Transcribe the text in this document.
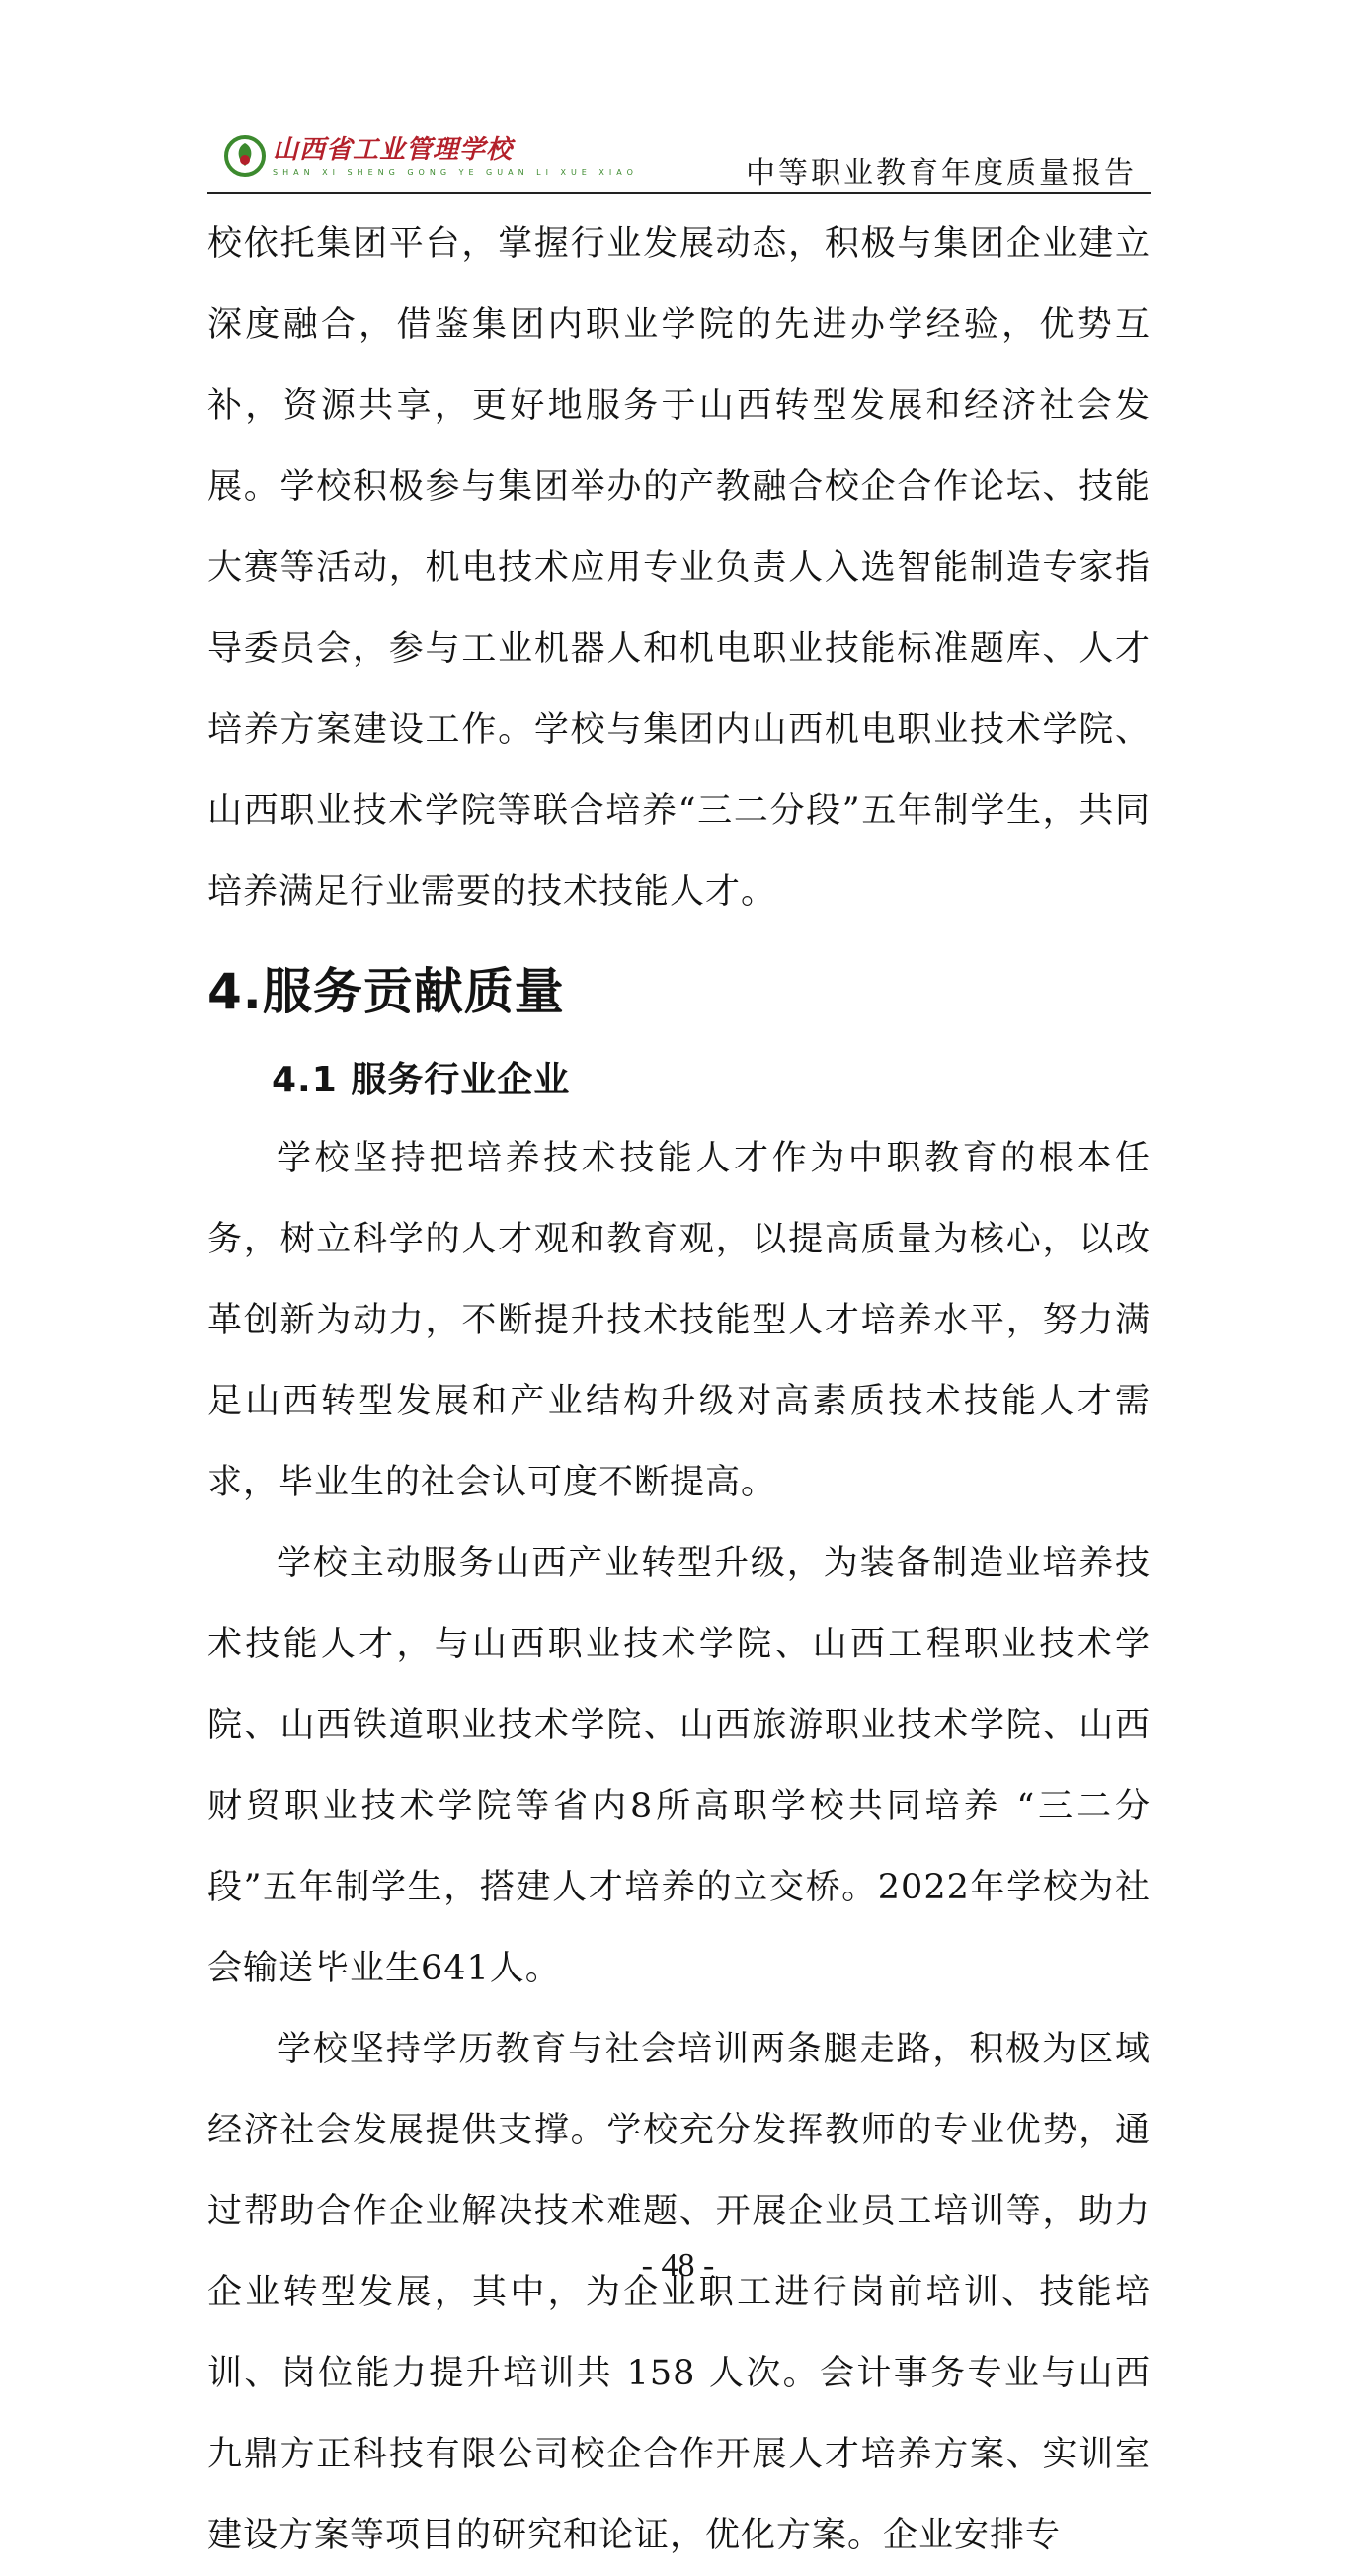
山西省工业管理学校
SHAN XI SHENG GONG YE GUAN LI XUE XIAO	中等职业教育年度质量报告

校依托集团平台，掌握行业发展动态，积极与集团企业建立深度融合，借鉴集团内职业学院的先进办学经验，优势互补，资源共享，更好地服务于山西转型发展和经济社会发展。学校积极参与集团举办的产教融合校企合作论坛、技能大赛等活动，机电技术应用专业负责人入选智能制造专家指导委员会，参与工业机器人和机电职业技能标准题库、人才培养方案建设工作。学校与集团内山西机电职业技术学院、山西职业技术学院等联合培养“三二分段”五年制学生，共同培养满足行业需要的技术技能人才。

4.服务贡献质量
4.1 服务行业企业

学校坚持把培养技术技能人才作为中职教育的根本任务，树立科学的人才观和教育观，以提高质量为核心，以改革创新为动力，不断提升技术技能型人才培养水平，努力满足山西转型发展和产业结构升级对高素质技术技能人才需求，毕业生的社会认可度不断提高。

学校主动服务山西产业转型升级，为装备制造业培养技术技能人才，与山西职业技术学院、山西工程职业技术学院、山西铁道职业技术学院、山西旅游职业技术学院、山西财贸职业技术学院等省内8所高职学校共同培养 “三二分段”五年制学生，搭建人才培养的立交桥。2022年学校为社会输送毕业生641人。

学校坚持学历教育与社会培训两条腿走路，积极为区域经济社会发展提供支撑。学校充分发挥教师的专业优势，通过帮助合作企业解决技术难题、开展企业员工培训等，助力企业转型发展，其中，为企业职工进行岗前培训、技能培训、岗位能力提升培训共 158 人次。会计事务专业与山西九鼎方正科技有限公司校企合作开展人才培养方案、实训室建设方案等项目的研究和论证，优化方案。企业安排专

- 48 -
